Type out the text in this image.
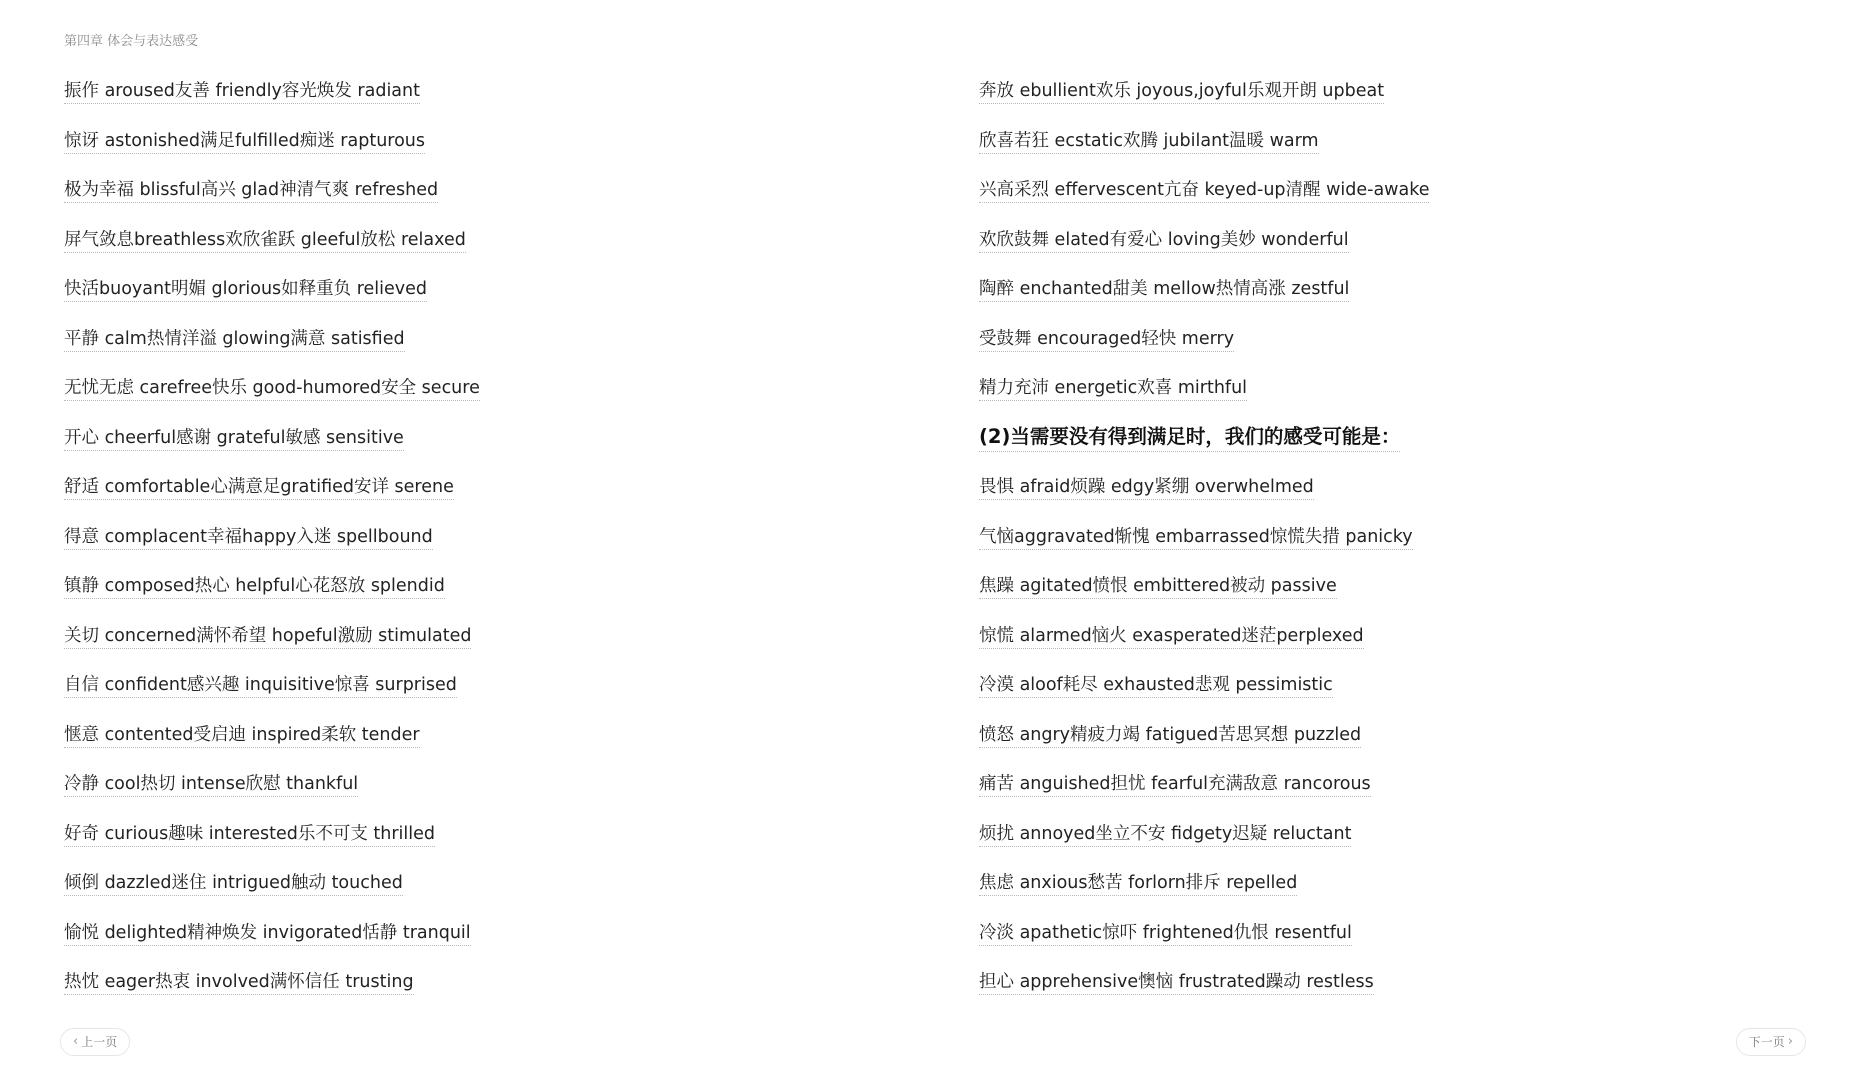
第四章 体会与表达感受
振作 aroused友善 friendly容光焕发 radiant
惊讶 astonished满足fulfilled痴迷 rapturous
极为幸福 blissful高兴 glad神清气爽 refreshed
屏气敛息breathless欢欣雀跃 gleeful放松 relaxed
快活buoyant明媚 glorious如释重负 relieved
平静 calm热情洋溢 glowing满意 satisfied
无忧无虑 carefree快乐 good-humored安全 secure
开心 cheerful感谢 grateful敏感 sensitive
舒适 comfortable心满意足gratified安详 serene
得意 complacent幸福happy入迷 spellbound
镇静 composed热心 helpful心花怒放 splendid
关切 concerned满怀希望 hopeful激励 stimulated
自信 confident感兴趣 inquisitive惊喜 surprised
惬意 contented受启迪 inspired柔软 tender
冷静 cool热切 intense欣慰 thankful
好奇 curious趣味 interested乐不可支 thrilled
倾倒 dazzled迷住 intrigued触动 touched
愉悦 delighted精神焕发 invigorated恬静 tranquil
热忱 eager热衷 involved满怀信任 trusting
奔放 ebullient欢乐 joyous,joyful乐观开朗 upbeat
欣喜若狂 ecstatic欢腾 jubilant温暖 warm
兴高采烈 effervescent亢奋 keyed-up清醒 wide-awake
欢欣鼓舞 elated有爱心 loving美妙 wonderful
陶醉 enchanted甜美 mellow热情高涨 zestful
受鼓舞 encouraged轻快 merry
精力充沛 energetic欢喜 mirthful
(2)当需要没有得到满足时，我们的感受可能是：
畏惧 afraid烦躁 edgy紧绷 overwhelmed
气恼aggravated惭愧 embarrassed惊慌失措 panicky
焦躁 agitated愤恨 embittered被动 passive
惊慌 alarmed恼火 exasperated迷茫perplexed
冷漠 aloof耗尽 exhausted悲观 pessimistic
愤怒 angry精疲力竭 fatigued苦思冥想 puzzled
痛苦 anguished担忧 fearful充满敌意 rancorous
烦扰 annoyed坐立不安 fidgety迟疑 reluctant
焦虑 anxious愁苦 forlorn排斥 repelled
冷淡 apathetic惊吓 frightened仇恨 resentful
担心 apprehensive懊恼 frustrated躁动 restless
‹ 上一页	下一页 ›
